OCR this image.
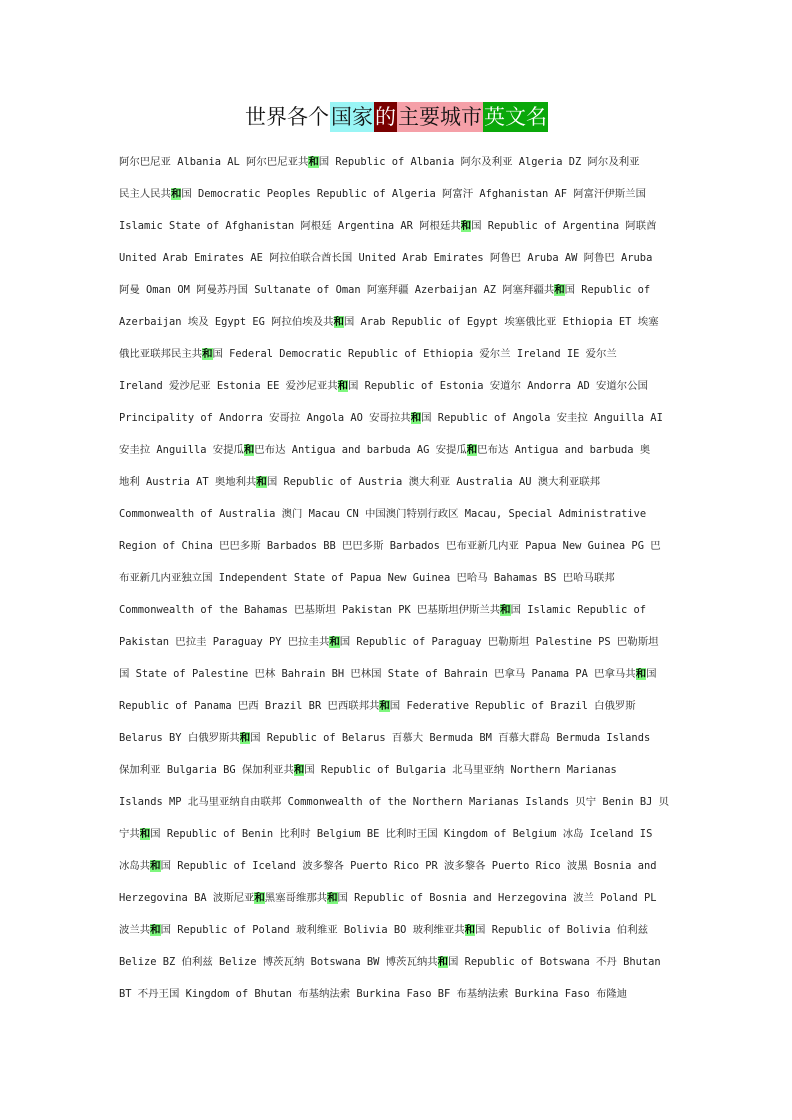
世界各个国家的主要城市英文名
阿尔巴尼亚 Albania AL 阿尔巴尼亚共和国 Republic of Albania 阿尔及利亚 Algeria DZ 阿尔及利亚
民主人民共和国 Democratic Peoples Republic of Algeria 阿富汗 Afghanistan AF 阿富汗伊斯兰国
Islamic State of Afghanistan 阿根廷 Argentina AR 阿根廷共和国 Republic of Argentina 阿联酋
United Arab Emirates AE 阿拉伯联合酋长国 United Arab Emirates 阿鲁巴 Aruba AW 阿鲁巴 Aruba
阿曼 Oman OM 阿曼苏丹国 Sultanate of Oman 阿塞拜疆 Azerbaijan AZ 阿塞拜疆共和国 Republic of
Azerbaijan 埃及 Egypt EG 阿拉伯埃及共和国 Arab Republic of Egypt 埃塞俄比亚 Ethiopia ET 埃塞
俄比亚联邦民主共和国 Federal Democratic Republic of Ethiopia 爱尔兰 Ireland IE 爱尔兰
Ireland 爱沙尼亚 Estonia EE 爱沙尼亚共和国 Republic of Estonia 安道尔 Andorra AD 安道尔公国
Principality of Andorra 安哥拉 Angola AO 安哥拉共和国 Republic of Angola 安圭拉 Anguilla AI
安圭拉 Anguilla 安提瓜和巴布达 Antigua and barbuda AG 安提瓜和巴布达 Antigua and barbuda 奥
地利 Austria AT 奥地利共和国 Republic of Austria 澳大利亚 Australia AU 澳大利亚联邦
Commonwealth of Australia 澳门 Macau CN 中国澳门特别行政区 Macau, Special Administrative
Region of China 巴巴多斯 Barbados BB 巴巴多斯 Barbados 巴布亚新几内亚 Papua New Guinea PG 巴
布亚新几内亚独立国 Independent State of Papua New Guinea 巴哈马 Bahamas BS 巴哈马联邦
Commonwealth of the Bahamas 巴基斯坦 Pakistan PK 巴基斯坦伊斯兰共和国 Islamic Republic of
Pakistan 巴拉圭 Paraguay PY 巴拉圭共和国 Republic of Paraguay 巴勒斯坦 Palestine PS 巴勒斯坦
国 State of Palestine 巴林 Bahrain BH 巴林国 State of Bahrain 巴拿马 Panama PA 巴拿马共和国
Republic of Panama 巴西 Brazil BR 巴西联邦共和国 Federative Republic of Brazil 白俄罗斯
Belarus BY 白俄罗斯共和国 Republic of Belarus 百慕大 Bermuda BM 百慕大群岛 Bermuda Islands
保加利亚 Bulgaria BG 保加利亚共和国 Republic of Bulgaria 北马里亚纳 Northern Marianas
Islands MP 北马里亚纳自由联邦 Commonwealth of the Northern Marianas Islands 贝宁 Benin BJ 贝
宁共和国 Republic of Benin 比利时 Belgium BE 比利时王国 Kingdom of Belgium 冰岛 Iceland IS
冰岛共和国 Republic of Iceland 波多黎各 Puerto Rico PR 波多黎各 Puerto Rico 波黑 Bosnia and
Herzegovina BA 波斯尼亚和黑塞哥维那共和国 Republic of Bosnia and Herzegovina 波兰 Poland PL
波兰共和国 Republic of Poland 玻利维亚 Bolivia BO 玻利维亚共和国 Republic of Bolivia 伯利兹
Belize BZ 伯利兹 Belize 博茨瓦纳 Botswana BW 博茨瓦纳共和国 Republic of Botswana 不丹 Bhutan
BT 不丹王国 Kingdom of Bhutan 布基纳法索 Burkina Faso BF 布基纳法索 Burkina Faso 布隆迪
